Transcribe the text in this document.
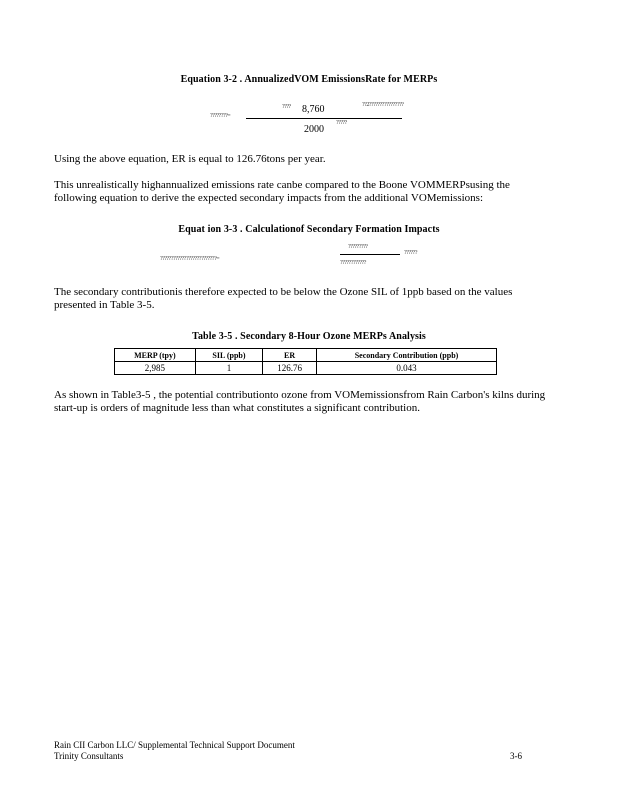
Equation 3-2 . AnnualizedVOM EmissionsRate for MERPs
????????=
???? 8,760	??2????????????????
2000
?????
Using the above equation, ER is equal to 126.76tons per year.
This unrealistically highannualized emissions rate canbe compared to the Boone VOMMERPsusing the following equation to derive the expected secondary impacts from the additional VOMemissions:
Equat ion 3-3 . Calculationof Secondary Formation Impacts
??????????????????????????=
?????????
??????
????????????
The secondary contributionis therefore expected to be below the Ozone SIL of 1ppb based on the values presented in Table 3-5.
Table 3-5 . Secondary 8-Hour Ozone MERPs Analysis
MERP (tpy)	SIL (ppb)	ER	Secondary Contribution (ppb)
2,985	1	126.76	0.043
As shown in Table3-5 , the potential contributionto ozone from VOMemissionsfrom Rain Carbon's kilns during start-up is orders of magnitude less than what constitutes a significant contribution.
Rain CII Carbon LLC/ Supplemental Technical Support Document
Trinity Consultants	3-6
